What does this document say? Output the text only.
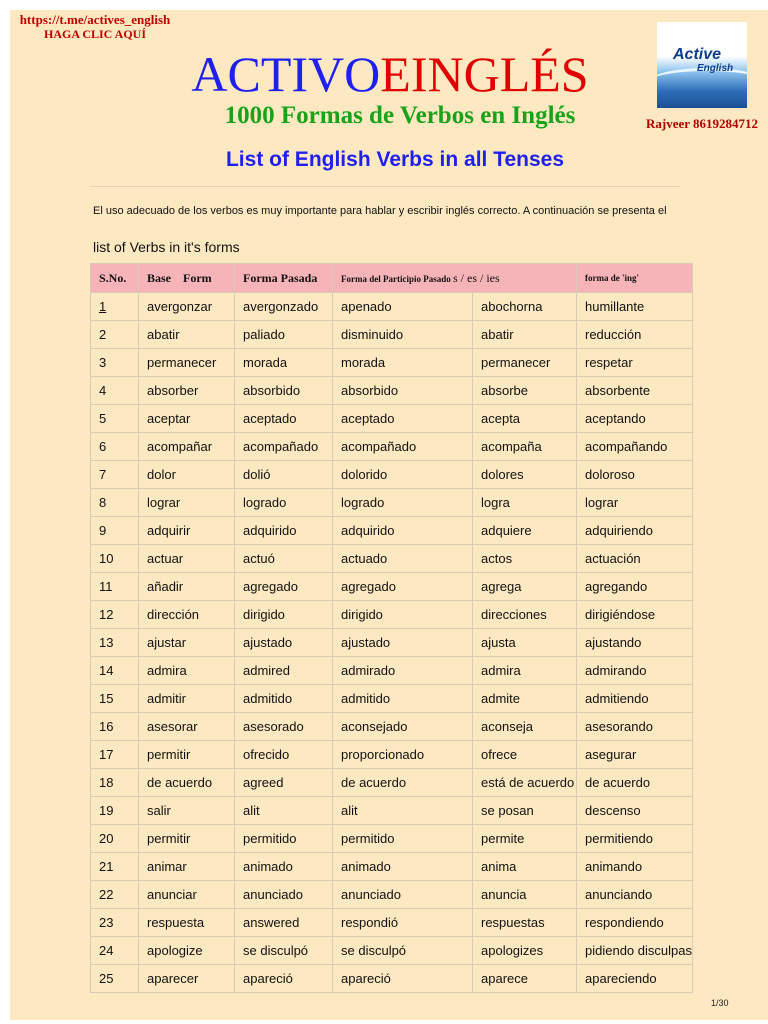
https://t.me/actives_english
HAGA CLIC AQUÍ
ACTIVOEINGLÉS
1000 Formas de Verbos en Inglés
Active
English
Rajveer 8619284712
List of English Verbs in all Tenses
El uso adecuado de los verbos es muy importante para hablar y escribir inglés correcto. A continuación se presenta el
list of Verbs in it's forms
S.No.	Base    Form	Forma Pasada	Forma del Participio Pasado s / es / ies		forma de 'ing'
1	avergonzar	avergonzado	apenado	abochorna	humillante
2	abatir	paliado	disminuido	abatir	reducción
3	permanecer	morada	morada	permanecer	respetar
4	absorber	absorbido	absorbido	absorbe	absorbente
5	aceptar	aceptado	aceptado	acepta	aceptando
6	acompañar	acompañado	acompañado	acompaña	acompañando
7	dolor	dolió	dolorido	dolores	doloroso
8	lograr	logrado	logrado	logra	lograr
9	adquirir	adquirido	adquirido	adquiere	adquiriendo
10	actuar	actuó	actuado	actos	actuación
11	añadir	agregado	agregado	agrega	agregando
12	dirección	dirigido	dirigido	direcciones	dirigiéndose
13	ajustar	ajustado	ajustado	ajusta	ajustando
14	admira	admired	admirado	admira	admirando
15	admitir	admitido	admitido	admite	admitiendo
16	asesorar	asesorado	aconsejado	aconseja	asesorando
17	permitir	ofrecido	proporcionado	ofrece	asegurar
18	de acuerdo	agreed	de acuerdo	está de acuerdo	de acuerdo
19	salir	alit	alit	se posan	descenso
20	permitir	permitido	permitido	permite	permitiendo
21	animar	animado	animado	anima	animando
22	anunciar	anunciado	anunciado	anuncia	anunciando
23	respuesta	answered	respondió	respuestas	respondiendo
24	apologize	se disculpó	se disculpó	apologizes	pidiendo disculpas
25	aparecer	apareció	apareció	aparece	apareciendo
1/30
